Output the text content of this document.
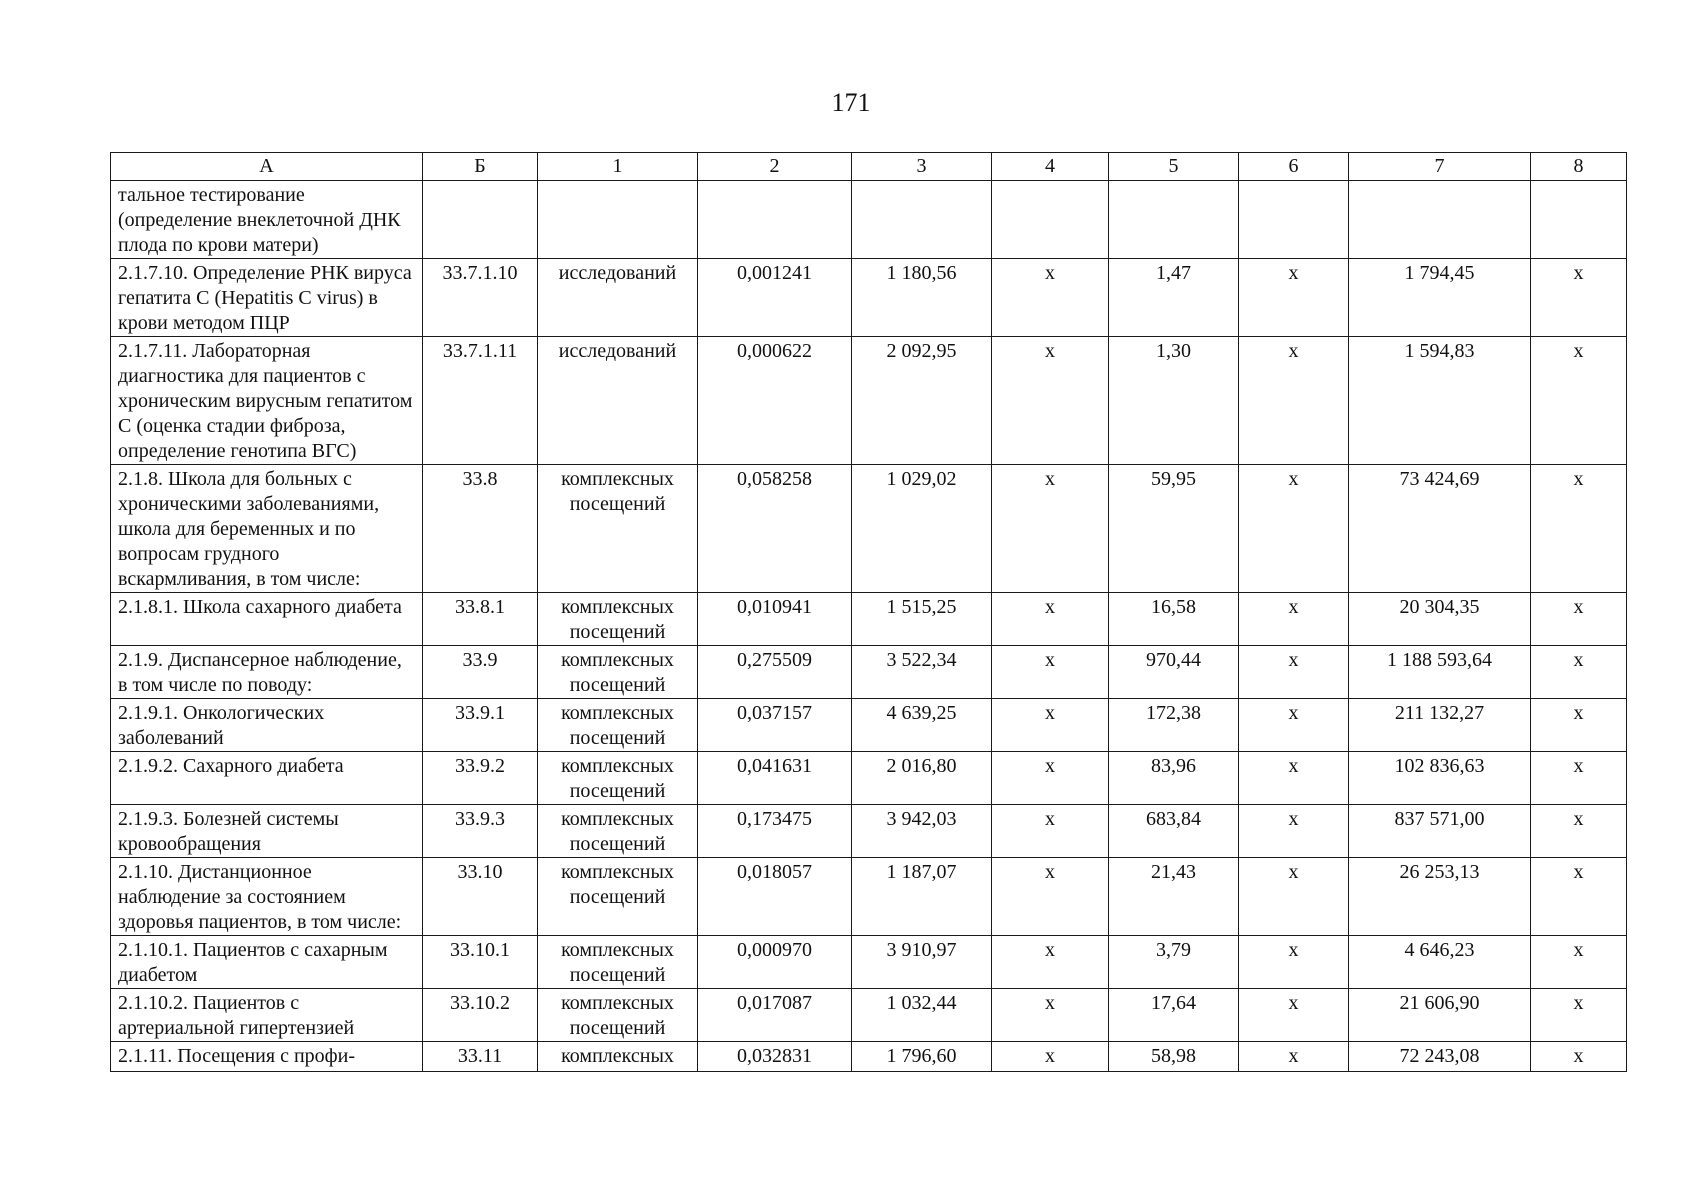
171
А	Б	1	2	3	4	5	6	7	8
тальное тестирование (определение внеклеточной ДНК плода по крови матери)									
2.1.7.10. Определение РНК вируса гепатита С (Hepatitis C virus) в крови методом ПЦР	33.7.1.10	исследований	0,001241	1 180,56	х	1,47	х	1 794,45	х
2.1.7.11. Лабораторная диагностика для пациентов с хроническим вирусным гепатитом С (оценка стадии фиброза, определение генотипа ВГС)	33.7.1.11	исследований	0,000622	2 092,95	х	1,30	х	1 594,83	х
2.1.8. Школа для больных с хроническими заболеваниями, школа для беременных и по вопросам грудного вскармливания, в том числе:	33.8	комплексных посещений	0,058258	1 029,02	х	59,95	х	73 424,69	х
2.1.8.1. Школа сахарного диабета	33.8.1	комплексных посещений	0,010941	1 515,25	х	16,58	х	20 304,35	х
2.1.9. Диспансерное наблюдение, в том числе по поводу:	33.9	комплексных посещений	0,275509	3 522,34	х	970,44	х	1 188 593,64	х
2.1.9.1. Онкологических заболеваний	33.9.1	комплексных посещений	0,037157	4 639,25	х	172,38	х	211 132,27	х
2.1.9.2. Сахарного диабета	33.9.2	комплексных посещений	0,041631	2 016,80	х	83,96	х	102 836,63	х
2.1.9.3. Болезней системы кровообращения	33.9.3	комплексных посещений	0,173475	3 942,03	х	683,84	х	837 571,00	х
2.1.10. Дистанционное наблюдение за состоянием здоровья пациентов, в том числе:	33.10	комплексных посещений	0,018057	1 187,07	х	21,43	х	26 253,13	х
2.1.10.1. Пациентов с сахарным диабетом	33.10.1	комплексных посещений	0,000970	3 910,97	х	3,79	х	4 646,23	х
2.1.10.2. Пациентов с артериальной гипертензией	33.10.2	комплексных посещений	0,017087	1 032,44	х	17,64	х	21 606,90	х
2.1.11. Посещения с профи-	33.11	комплексных	0,032831	1 796,60	х	58,98	х	72 243,08	х
